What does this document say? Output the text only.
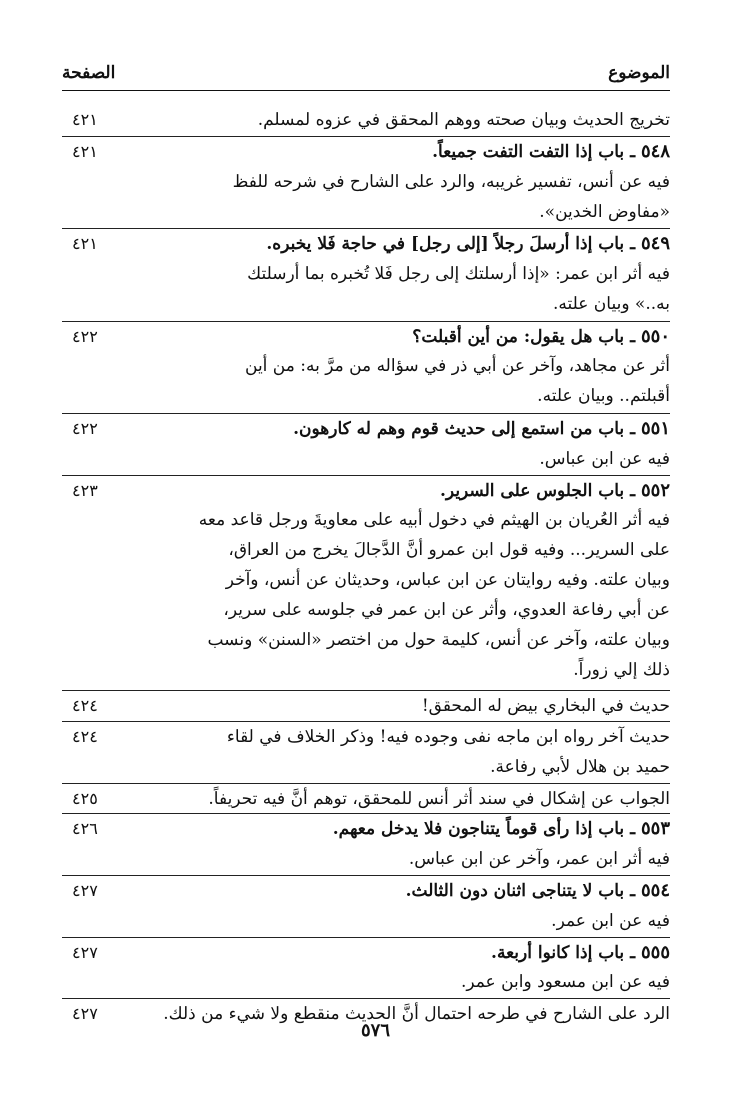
الصفحة	الموضوع
٤٢١	تخريج الحديث وبيان صحته ووهم المحقق في عزوه لمسلم.
٤٢١	٥٤٨ ـ باب إذا التفت التفت جميعاً.
فيه عن أنس، تفسير غريبه، والرد على الشارح في شرحه للفظ
«مفاوض الخدين».
٤٢١	٥٤٩ ـ باب إذا أرسلَ رجلاً [إلى رجل] في حاجة فَلا يخبره.
فيه أثر ابن عمر: «إذا أرسلتك إلى رجل فَلا تُخبره بما أرسلتك
به..» وبيان علته.
٤٢٢	٥٥٠ ـ باب هل يقول: من أين أقبلت؟
أثر عن مجاهد، وآخر عن أبي ذر في سؤاله من مرَّ به: من أين
أقبلتم.. وبيان علته.
٤٢٢	٥٥١ ـ باب من استمع إلى حديث قوم وهم له كارهون.
فيه عن ابن عباس.
٤٢٣	٥٥٢ ـ باب الجلوس على السرير.
فيه أثر العُريان بن الهيثم في دخول أبيه على معاويةَ ورجل قاعد معه
على السرير... وفيه قول ابن عمرو أنَّ الدَّجالَ يخرج من العراق،
وبيان علته. وفيه روايتان عن ابن عباس، وحديثان عن أنس، وآخر
عن أبي رفاعة العدوي، وأثر عن ابن عمر في جلوسه على سرير،
وبيان علته، وآخر عن أنس، كليمة حول من اختصر «السنن» ونسب
ذلك إلي زوراً.
٤٢٤	حديث في البخاري بيض له المحقق!
٤٢٤	حديث آخر رواه ابن ماجه نفى وجوده فيه! وذكر الخلاف في لقاء
حميد بن هلال لأبي رفاعة.
٤٢٥	الجواب عن إشكال في سند أثر أنس للمحقق، توهم أنَّ فيه تحريفاً.
٤٢٦	٥٥٣ ـ باب إذا رأى قوماً يتناجون فلا يدخل معهم.
فيه أثر ابن عمر، وآخر عن ابن عباس.
٤٢٧	٥٥٤ ـ باب لا يتناجى اثنان دون الثالث.
فيه عن ابن عمر.
٤٢٧	٥٥٥ ـ باب إذا كانوا أربعة.
فيه عن ابن مسعود وابن عمر.
٤٢٧	الرد على الشارح في طرحه احتمال أنَّ الحديث منقطع ولا شيء من ذلك.
٥٧٦
